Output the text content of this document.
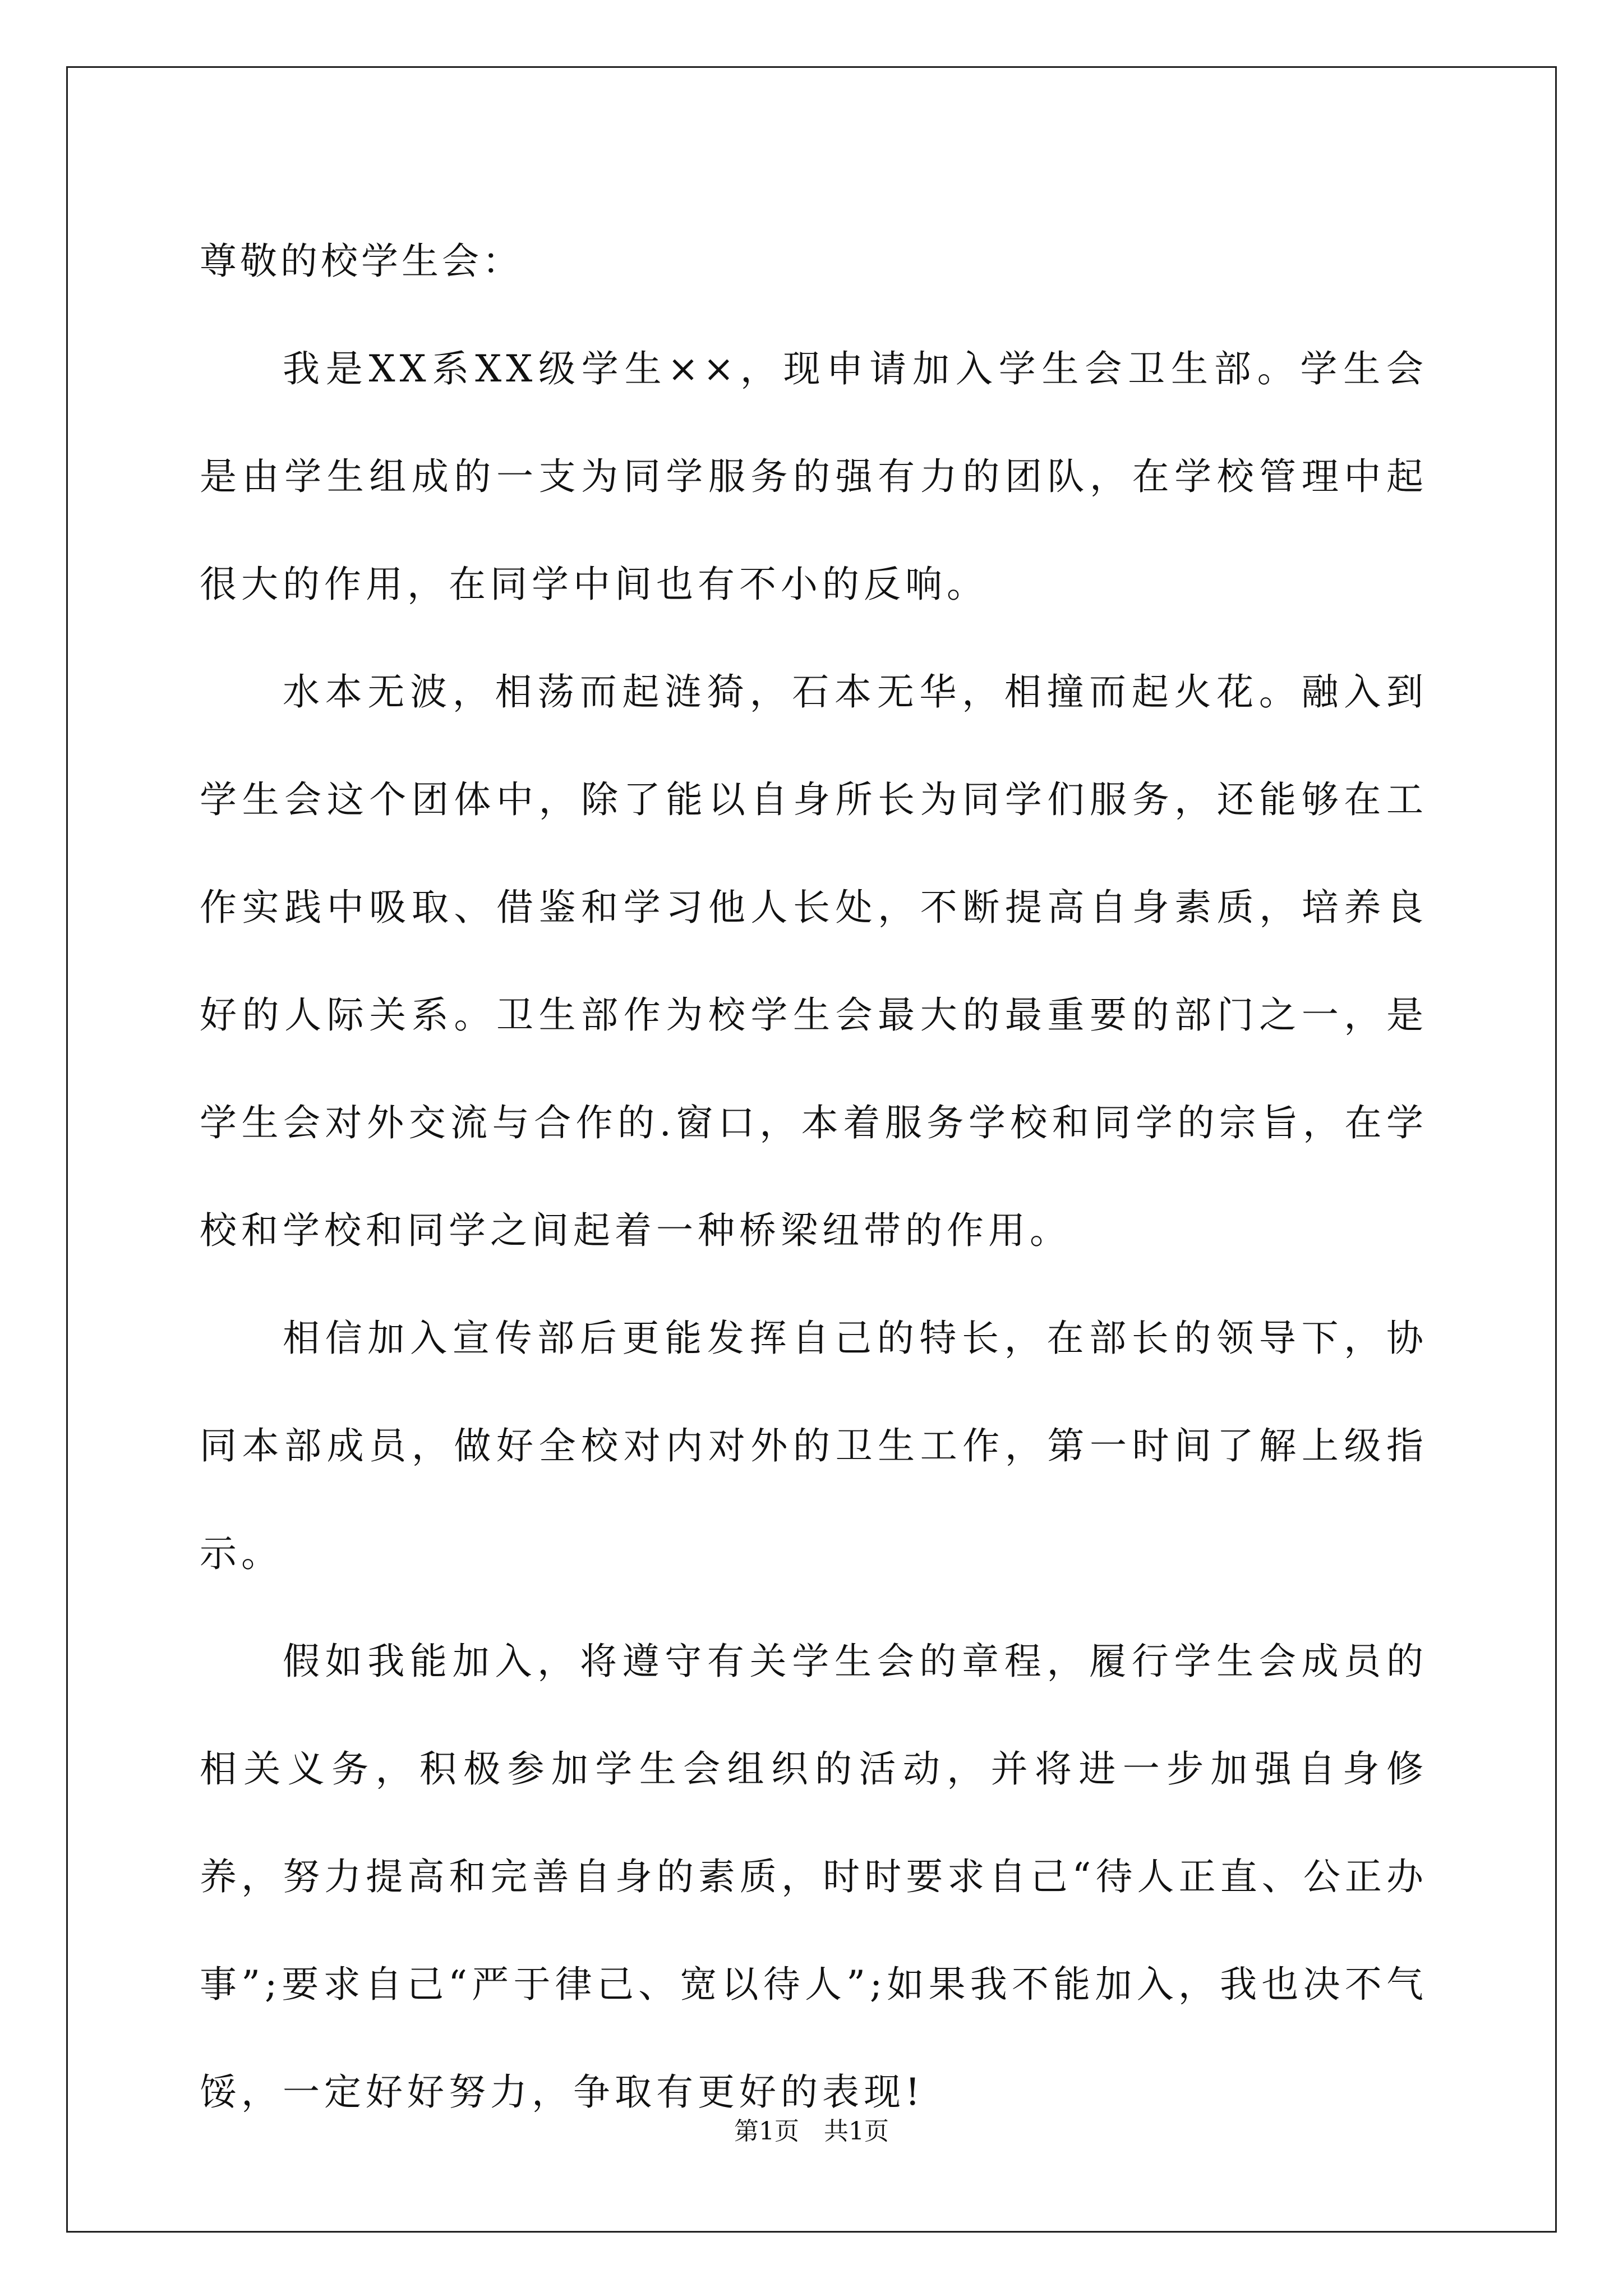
尊敬的校学生会：

我是XX系XX级学生××，现申请加入学生会卫生部。学生会是由学生组成的一支为同学服务的强有力的团队，在学校管理中起很大的作用，在同学中间也有不小的反响。

水本无波，相荡而起涟猗，石本无华，相撞而起火花。融入到学生会这个团体中，除了能以自身所长为同学们服务，还能够在工作实践中吸取、借鉴和学习他人长处，不断提高自身素质，培养良好的人际关系。卫生部作为校学生会最大的最重要的部门之一，是学生会对外交流与合作的.窗口，本着服务学校和同学的宗旨，在学校和学校和同学之间起着一种桥梁纽带的作用。

相信加入宣传部后更能发挥自己的特长，在部长的领导下，协同本部成员，做好全校对内对外的卫生工作，第一时间了解上级指示。

假如我能加入，将遵守有关学生会的章程，履行学生会成员的相关义务，积极参加学生会组织的活动，并将进一步加强自身修养，努力提高和完善自身的素质，时时要求自己“待人正直、公正办事”;要求自己“严于律己、宽以待人”;如果我不能加入，我也决不气馁，一定好好努力，争取有更好的表现!

第1页　共1页
